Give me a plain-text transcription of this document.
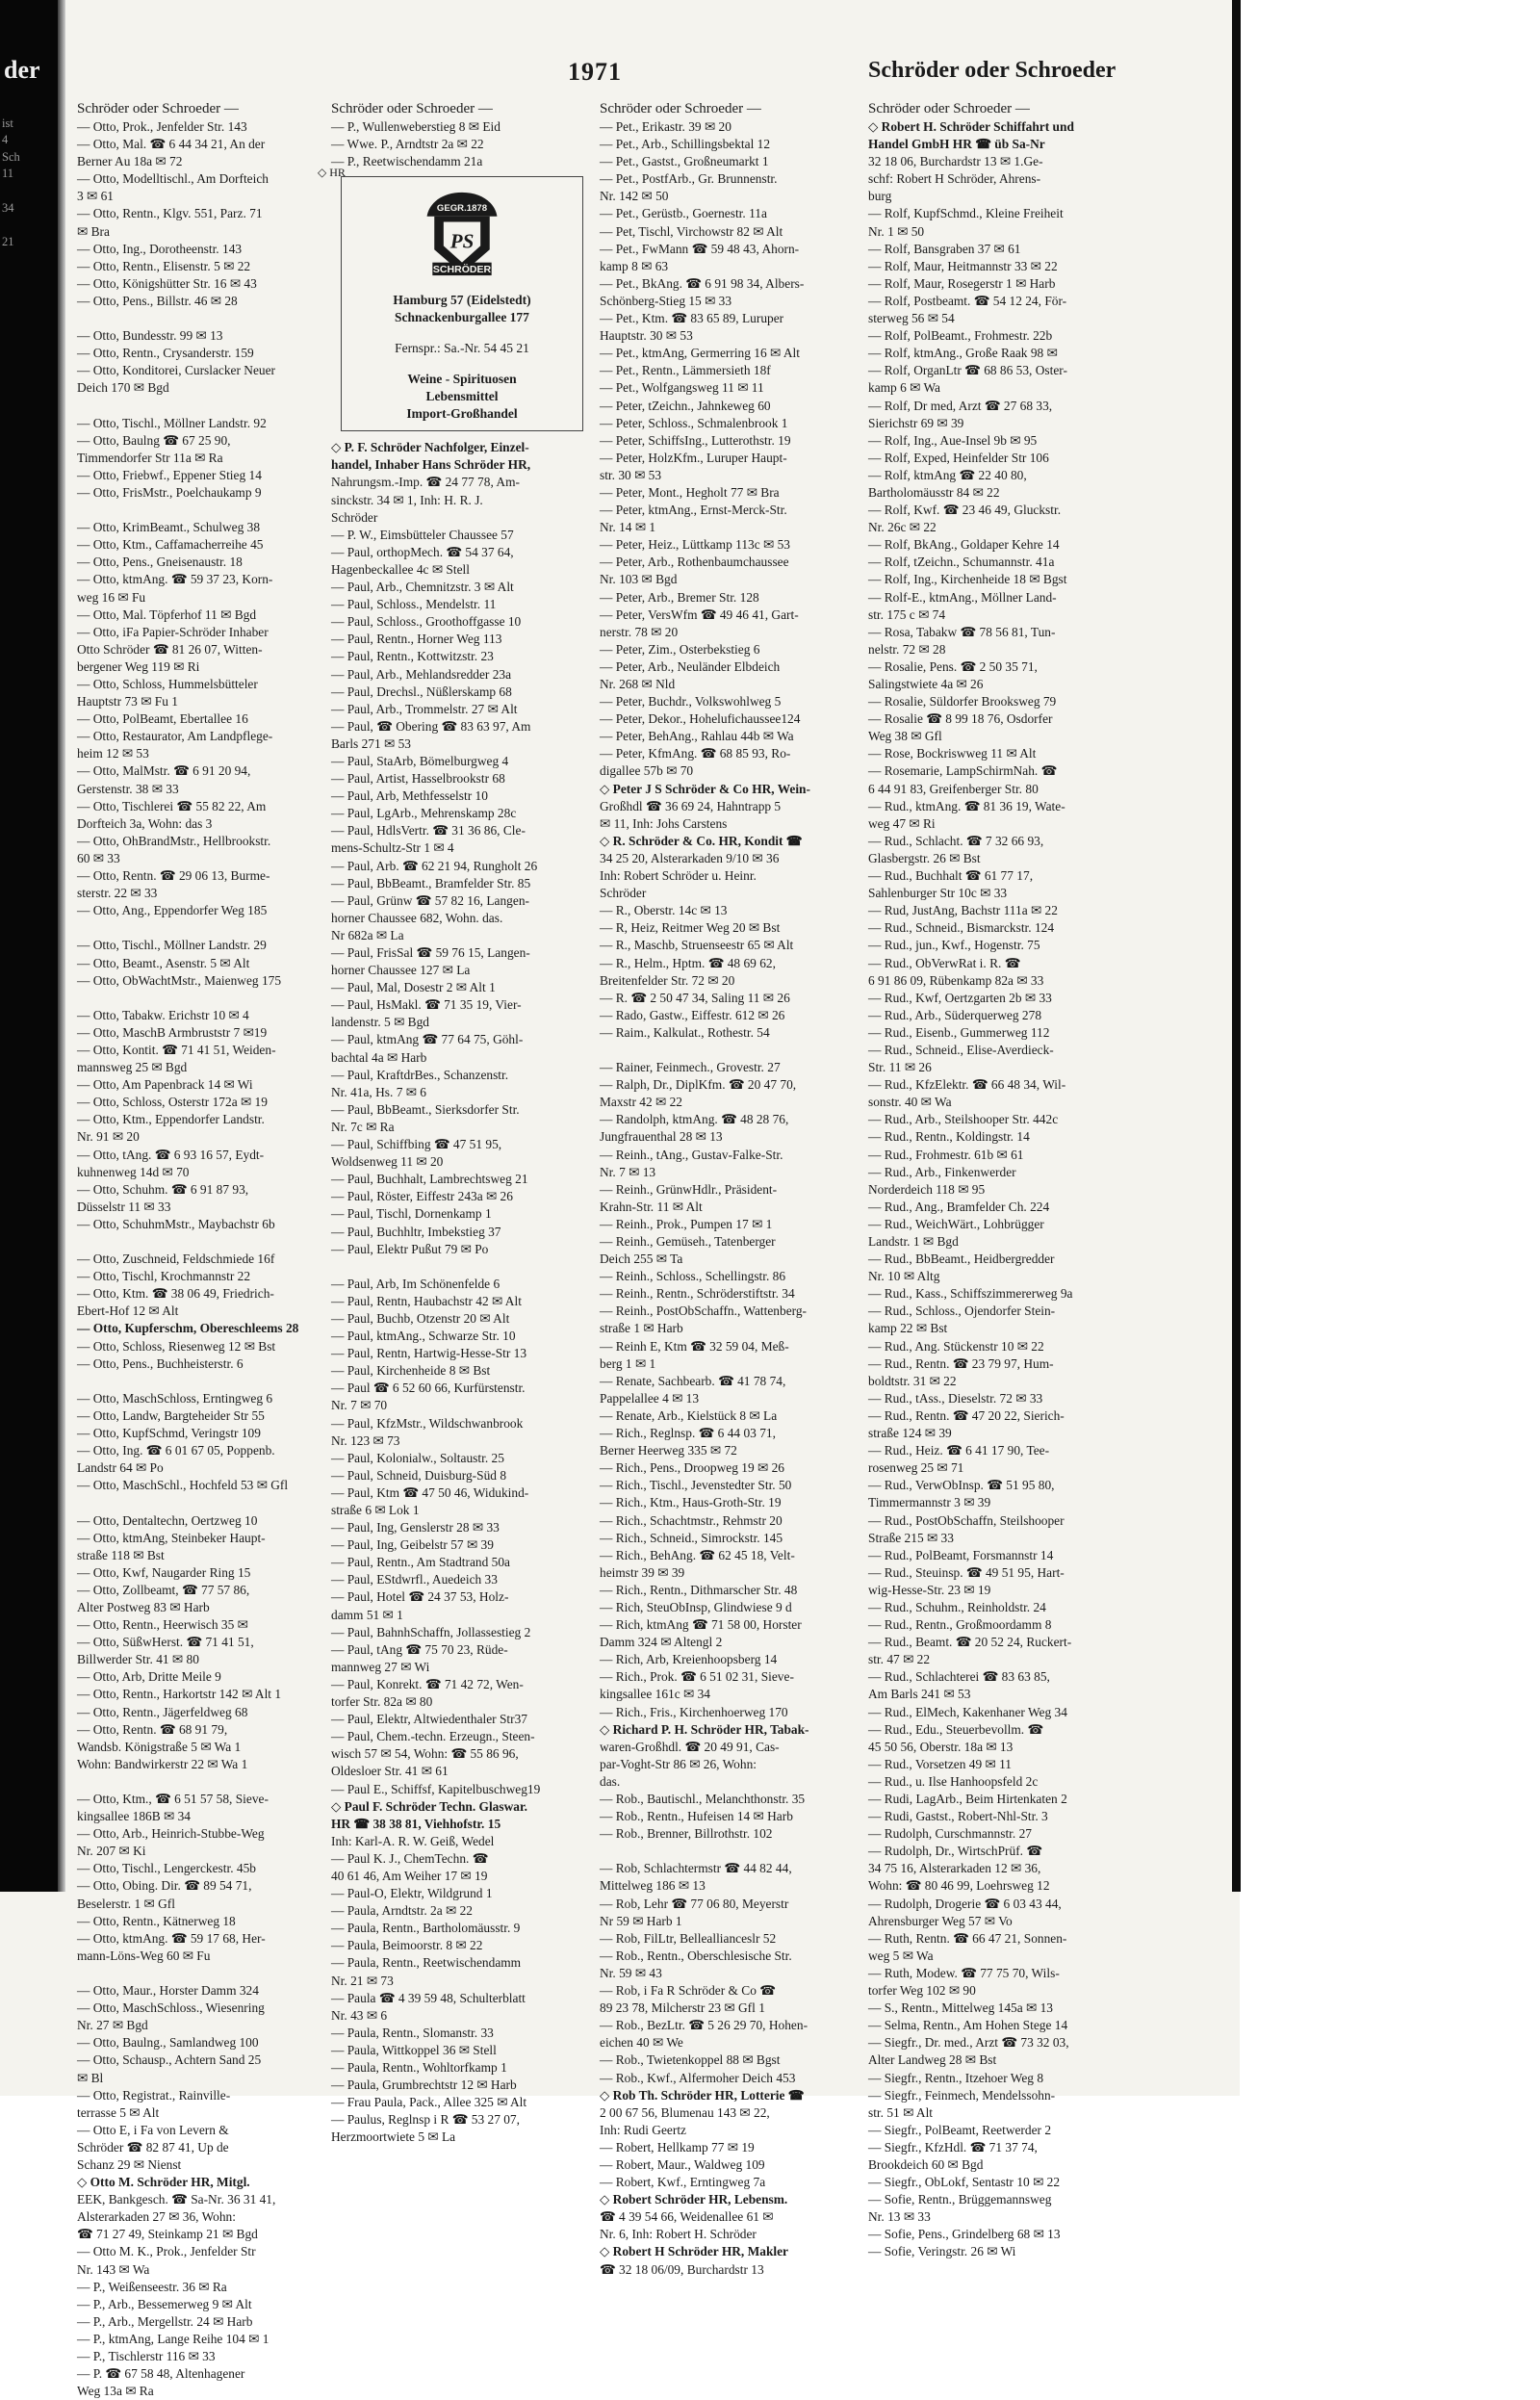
der

ist
4
Sch
11

34

21

1971	Schröder oder Schroeder
Schröder oder Schroeder —
— Otto, Prok., Jenfelder Str. 143
— Otto, Mal. ☎ 6 44 34 21, An der
Berner Au 18a ✉ 72
— Otto, Modelltischl., Am Dorfteich
3 ✉ 61
— Otto, Rentn., Klgv. 551, Parz. 71
✉ Bra
— Otto, Ing., Dorotheenstr. 143
— Otto, Rentn., Elisenstr. 5 ✉ 22
— Otto, Königshütter Str. 16 ✉ 43
— Otto, Pens., Billstr. 46 ✉ 28

— Otto, Bundesstr. 99 ✉ 13
— Otto, Rentn., Crysanderstr. 159
— Otto, Konditorei, Curslacker Neuer
Deich 170 ✉ Bgd

— Otto, Tischl., Möllner Landstr. 92
— Otto, Baulng ☎ 67 25 90,
Timmendorfer Str 11a ✉ Ra
— Otto, Friebwf., Eppener Stieg 14
— Otto, FrisMstr., Poelchaukamp 9

— Otto, KrimBeamt., Schulweg 38
— Otto, Ktm., Caffamacherreihe 45
— Otto, Pens., Gneisenaustr. 18
— Otto, ktmAng. ☎ 59 37 23, Korn-
weg 16 ✉ Fu
— Otto, Mal. Töpferhof 11 ✉ Bgd
— Otto, iFa Papier-Schröder Inhaber
Otto Schröder ☎ 81 26 07, Witten-
bergener Weg 119 ✉ Ri
— Otto, Schloss, Hummelsbütteler
Hauptstr 73 ✉ Fu 1
— Otto, PolBeamt, Ebertallee 16
— Otto, Restaurator, Am Landpflege-
heim 12 ✉ 53
— Otto, MalMstr. ☎ 6 91 20 94,
Gerstenstr. 38 ✉ 33
— Otto, Tischlerei ☎ 55 82 22, Am
Dorfteich 3a, Wohn: das 3
— Otto, OhBrandMstr., Hellbrookstr.
60 ✉ 33
— Otto, Rentn. ☎ 29 06 13, Burme-
sterstr. 22 ✉ 33
— Otto, Ang., Eppendorfer Weg 185

— Otto, Tischl., Möllner Landstr. 29
— Otto, Beamt., Asenstr. 5 ✉ Alt
— Otto, ObWachtMstr., Maienweg 175

— Otto, Tabakw. Erichstr 10 ✉ 4
— Otto, MaschB Armbruststr 7 ✉19
— Otto, Kontit. ☎ 71 41 51, Weiden-
mannsweg 25 ✉ Bgd
— Otto, Am Papenbrack 14 ✉ Wi
— Otto, Schloss, Osterstr 172a ✉ 19
— Otto, Ktm., Eppendorfer Landstr.
Nr. 91 ✉ 20
— Otto, tAng. ☎ 6 93 16 57, Eydt-
kuhnenweg 14d ✉ 70
— Otto, Schuhm. ☎ 6 91 87 93,
Düsselstr 11 ✉ 33
— Otto, SchuhmMstr., Maybachstr 6b

— Otto, Zuschneid, Feldschmiede 16f
— Otto, Tischl, Krochmannstr 22
— Otto, Ktm. ☎ 38 06 49, Friedrich-
Ebert-Hof 12 ✉ Alt
— Otto, Kupferschm, Obereschleems 28
— Otto, Schloss, Riesenweg 12 ✉ Bst
— Otto, Pens., Buchheisterstr. 6

— Otto, MaschSchloss, Erntingweg 6
— Otto, Landw, Bargteheider Str 55
— Otto, KupfSchmd, Veringstr 109
— Otto, Ing. ☎ 6 01 67 05, Poppenb.
Landstr 64 ✉ Po
— Otto, MaschSchl., Hochfeld 53 ✉ Gfl

— Otto, Dentaltechn, Oertzweg 10
— Otto, ktmAng, Steinbeker Haupt-
straße 118 ✉ Bst
— Otto, Kwf, Naugarder Ring 15
— Otto, Zollbeamt, ☎ 77 57 86,
Alter Postweg 83 ✉ Harb
— Otto, Rentn., Heerwisch 35 ✉
— Otto, SüßwHerst. ☎ 71 41 51,
Billwerder Str. 41 ✉ 80
— Otto, Arb, Dritte Meile 9
— Otto, Rentn., Harkortstr 142 ✉ Alt 1
— Otto, Rentn., Jägerfeldweg 68
— Otto, Rentn. ☎ 68 91 79,
Wandsb. Königstraße 5 ✉ Wa 1
Wohn: Bandwirkerstr 22 ✉ Wa 1

— Otto, Ktm., ☎ 6 51 57 58, Sieve-
kingsallee 186B ✉ 34
— Otto, Arb., Heinrich-Stubbe-Weg
Nr. 207 ✉ Ki
— Otto, Tischl., Lengerckestr. 45b
— Otto, Obing. Dir. ☎ 89 54 71,
Beselerstr. 1 ✉ Gfl
— Otto, Rentn., Kätnerweg 18
— Otto, ktmAng. ☎ 59 17 68, Her-
mann-Löns-Weg 60 ✉ Fu

— Otto, Maur., Horster Damm 324
— Otto, MaschSchloss., Wiesenring
Nr. 27 ✉ Bgd
— Otto, Baulng., Samlandweg 100
— Otto, Schausp., Achtern Sand 25
✉ Bl
— Otto, Registrat., Rainville-
terrasse 5 ✉ Alt
— Otto E, i Fa von Levern &
Schröder ☎ 82 87 41, Up de
Schanz 29 ✉ Nienst
◇ Otto M. Schröder HR, Mitgl.
EEK, Bankgesch. ☎ Sa-Nr. 36 31 41,
Alsterarkaden 27 ✉ 36, Wohn:
☎ 71 27 49, Steinkamp 21 ✉ Bgd
— Otto M. K., Prok., Jenfelder Str
Nr. 143 ✉ Wa
— P., Weißenseestr. 36 ✉ Ra
— P., Arb., Bessemerweg 9 ✉ Alt
— P., Arb., Mergellstr. 24 ✉ Harb
— P., ktmAng, Lange Reihe 104 ✉ 1
— P., Tischlerstr 116 ✉ 33
— P. ☎ 67 58 48, Altenhagener
Weg 13a ✉ Ra
Schröder oder Schroeder —
— P., Wullenweberstieg 8 ✉ Eid
— Wwe. P., Arndtstr 2a ✉ 22
— P., Reetwischendamm 21a
GEGR.1878
PS
SCHRÖDER
Hamburg 57 (Eidelstedt)
Schnackenburgallee 177
Fernspr.: Sa.-Nr. 54 45 21
Weine - Spirituosen
Lebensmittel
Import-Großhandel
◇ P. F. Schröder Nachfolger, Einzel-
handel, Inhaber Hans Schröder HR,
Nahrungsm.-Imp. ☎ 24 77 78, Am-
sinckstr. 34 ✉ 1, Inh: H. R. J.
Schröder
— P. W., Eimsbütteler Chaussee 57
— Paul, orthopMech. ☎ 54 37 64,
Hagenbeckallee 4c ✉ Stell
— Paul, Arb., Chemnitzstr. 3 ✉ Alt
— Paul, Schloss., Mendelstr. 11
— Paul, Schloss., Groothoffgasse 10
— Paul, Rentn., Horner Weg 113
— Paul, Rentn., Kottwitzstr. 23
— Paul, Arb., Mehlandsredder 23a
— Paul, Drechsl., Nüßlerskamp 68
— Paul, Arb., Trommelstr. 27 ✉ Alt
— Paul, ☎ Obering ☎ 83 63 97, Am
Barls 271 ✉ 53
— Paul, StaArb, Bömelburgweg 4
— Paul, Artist, Hasselbrookstr 68
— Paul, Arb, Methfesselstr 10
— Paul, LgArb., Mehrenskamp 28c
— Paul, HdlsVertr. ☎ 31 36 86, Cle-
mens-Schultz-Str 1 ✉ 4
— Paul, Arb. ☎ 62 21 94, Rungholt 26
— Paul, BbBeamt., Bramfelder Str. 85
— Paul, Grünw ☎ 57 82 16, Langen-
horner Chaussee 682, Wohn. das.
Nr 682a ✉ La
— Paul, FrisSal ☎ 59 76 15, Langen-
horner Chaussee 127 ✉ La
— Paul, Mal, Dosestr 2 ✉ Alt 1
— Paul, HsMakl. ☎ 71 35 19, Vier-
landenstr. 5 ✉ Bgd
— Paul, ktmAng ☎ 77 64 75, Göhl-
bachtal 4a ✉ Harb
— Paul, KraftdrBes., Schanzenstr.
Nr. 41a, Hs. 7 ✉ 6
— Paul, BbBeamt., Sierksdorfer Str.
Nr. 7c ✉ Ra
— Paul, Schiffbing ☎ 47 51 95,
Woldsenweg 11 ✉ 20
— Paul, Buchhalt, Lambrechtsweg 21
— Paul, Röster, Eiffestr 243a ✉ 26
— Paul, Tischl, Dornenkamp 1
— Paul, Buchhltr, Imbekstieg 37
— Paul, Elektr Pußut 79 ✉ Po

— Paul, Arb, Im Schönenfelde 6
— Paul, Rentn, Haubachstr 42 ✉ Alt
— Paul, Buchb, Otzenstr 20 ✉ Alt
— Paul, ktmAng., Schwarze Str. 10
— Paul, Rentn, Hartwig-Hesse-Str 13
— Paul, Kirchenheide 8 ✉ Bst
— Paul ☎ 6 52 60 66, Kurfürstenstr.
Nr. 7 ✉ 70
— Paul, KfzMstr., Wildschwanbrook
Nr. 123 ✉ 73
— Paul, Kolonialw., Soltaustr. 25
— Paul, Schneid, Duisburg-Süd 8
— Paul, Ktm ☎ 47 50 46, Widukind-
straße 6 ✉ Lok 1
— Paul, Ing, Genslerstr 28 ✉ 33
— Paul, Ing, Geibelstr 57 ✉ 39
— Paul, Rentn., Am Stadtrand 50a
— Paul, EStdwrfl., Auedeich 33
— Paul, Hotel ☎ 24 37 53, Holz-
damm 51 ✉ 1
— Paul, BahnhSchaffn, Jollassestieg 2
— Paul, tAng ☎ 75 70 23, Rüde-
mannweg 27 ✉ Wi
— Paul, Konrekt. ☎ 71 42 72, Wen-
torfer Str. 82a ✉ 80
— Paul, Elektr, Altwiedenthaler Str37
— Paul, Chem.-techn. Erzeugn., Steen-
wisch 57 ✉ 54, Wohn: ☎ 55 86 96,
Oldesloer Str. 41 ✉ 61
— Paul E., Schiffsf, Kapitelbuschweg19
◇ Paul F. Schröder Techn. Glaswar.
HR ☎ 38 38 81, Viehhofstr. 15
Inh: Karl-A. R. W. Geiß, Wedel
— Paul K. J., ChemTechn. ☎
40 61 46, Am Weiher 17 ✉ 19
— Paul-O, Elektr, Wildgrund 1
— Paula, Arndtstr. 2a ✉ 22
— Paula, Rentn., Bartholomäusstr. 9
— Paula, Beimoorstr. 8 ✉ 22
— Paula, Rentn., Reetwischendamm
Nr. 21 ✉ 73
— Paula ☎ 4 39 59 48, Schulterblatt
Nr. 43 ✉ 6
— Paula, Rentn., Slomanstr. 33
— Paula, Wittkoppel 36 ✉ Stell
— Paula, Rentn., Wohltorfkamp 1
— Paula, Grumbrechtstr 12 ✉ Harb
— Frau Paula, Pack., Allee 325 ✉ Alt
— Paulus, Reglnsp i R ☎ 53 27 07,
Herzmoortwiete 5 ✉ La
◇ HR
Schröder oder Schroeder —
— Pet., Erikastr. 39 ✉ 20
— Pet., Arb., Schillingsbektal 12
— Pet., Gastst., Großneumarkt 1
— Pet., PostfArb., Gr. Brunnenstr.
Nr. 142 ✉ 50
— Pet., Gerüstb., Goernestr. 11a
— Pet, Tischl, Virchowstr 82 ✉ Alt
— Pet., FwMann ☎ 59 48 43, Ahorn-
kamp 8 ✉ 63
— Pet., BkAng. ☎ 6 91 98 34, Albers-
Schönberg-Stieg 15 ✉ 33
— Pet., Ktm. ☎ 83 65 89, Luruper
Hauptstr. 30 ✉ 53
— Pet., ktmAng, Germerring 16 ✉ Alt
— Pet., Rentn., Lämmersieth 18f
— Pet., Wolfgangsweg 11 ✉ 11
— Peter, tZeichn., Jahnkeweg 60
— Peter, Schloss., Schmalenbrook 1
— Peter, SchiffsIng., Lutterothstr. 19
— Peter, HolzKfm., Luruper Haupt-
str. 30 ✉ 53
— Peter, Mont., Hegholt 77 ✉ Bra
— Peter, ktmAng., Ernst-Merck-Str.
Nr. 14 ✉ 1
— Peter, Heiz., Lüttkamp 113c ✉ 53
— Peter, Arb., Rothenbaumchaussee
Nr. 103 ✉ Bgd
— Peter, Arb., Bremer Str. 128
— Peter, VersWfm ☎ 49 46 41, Gart-
nerstr. 78 ✉ 20
— Peter, Zim., Osterbekstieg 6
— Peter, Arb., Neuländer Elbdeich
Nr. 268 ✉ Nld
— Peter, Buchdr., Volkswohlweg 5
— Peter, Dekor., Hohelufichaussee124
— Peter, BehAng., Rahlau 44b ✉ Wa
— Peter, KfmAng. ☎ 68 85 93, Ro-
digallee 57b ✉ 70
◇ Peter J S Schröder & Co HR, Wein-
Großhdl ☎ 36 69 24, Hahntrapp 5
✉ 11, Inh: Johs Carstens
◇ R. Schröder & Co. HR, Kondit ☎
34 25 20, Alsterarkaden 9/10 ✉ 36
Inh: Robert Schröder u. Heinr.
Schröder
— R., Oberstr. 14c ✉ 13
— R, Heiz, Reitmer Weg 20 ✉ Bst
— R., Maschb, Struenseestr 65 ✉ Alt
— R., Helm., Hptm. ☎ 48 69 62,
Breitenfelder Str. 72 ✉ 20
— R. ☎ 2 50 47 34, Saling 11 ✉ 26
— Rado, Gastw., Eiffestr. 612 ✉ 26
— Raim., Kalkulat., Rothestr. 54

— Rainer, Feinmech., Grovestr. 27
— Ralph, Dr., DiplKfm. ☎ 20 47 70,
Maxstr 42 ✉ 22
— Randolph, ktmAng. ☎ 48 28 76,
Jungfrauenthal 28 ✉ 13
— Reinh., tAng., Gustav-Falke-Str.
Nr. 7 ✉ 13
— Reinh., GrünwHdlr., Präsident-
Krahn-Str. 11 ✉ Alt
— Reinh., Prok., Pumpen 17 ✉ 1
— Reinh., Gemüseh., Tatenberger
Deich 255 ✉ Ta
— Reinh., Schloss., Schellingstr. 86
— Reinh., Rentn., Schröderstiftstr. 34
— Reinh., PostObSchaffn., Wattenberg-
straße 1 ✉ Harb
— Reinh E, Ktm ☎ 32 59 04, Meß-
berg 1 ✉ 1
— Renate, Sachbearb. ☎ 41 78 74,
Pappelallee 4 ✉ 13
— Renate, Arb., Kielstück 8 ✉ La
— Rich., Reglnsp. ☎ 6 44 03 71,
Berner Heerweg 335 ✉ 72
— Rich., Pens., Droopweg 19 ✉ 26
— Rich., Tischl., Jevenstedter Str. 50
— Rich., Ktm., Haus-Groth-Str. 19
— Rich., Schachtmstr., Rehmstr 20
— Rich., Schneid., Simrockstr. 145
— Rich., BehAng. ☎ 62 45 18, Velt-
heimstr 39 ✉ 39
— Rich., Rentn., Dithmarscher Str. 48
— Rich, SteuObInsp, Glindwiese 9 d
— Rich, ktmAng ☎ 71 58 00, Horster
Damm 324 ✉ Altengl 2
— Rich, Arb, Kreienhoopsberg 14
— Rich., Prok. ☎ 6 51 02 31, Sieve-
kingsallee 161c ✉ 34
— Rich., Fris., Kirchenhoerweg 170
◇ Richard P. H. Schröder HR, Tabak-
waren-Großhdl. ☎ 20 49 91, Cas-
par-Voght-Str 86 ✉ 26, Wohn:
das.
— Rob., Bautischl., Melanchthonstr. 35
— Rob., Rentn., Hufeisen 14 ✉ Harb
— Rob., Brenner, Billrothstr. 102

— Rob, Schlachtermstr ☎ 44 82 44,
Mittelweg 186 ✉ 13
— Rob, Lehr ☎ 77 06 80, Meyerstr
Nr 59 ✉ Harb 1
— Rob, FilLtr, Belleallianceslr 52
— Rob., Rentn., Oberschlesische Str.
Nr. 59 ✉ 43
— Rob, i Fa R Schröder & Co ☎
89 23 78, Milcherstr 23 ✉ Gfl 1
— Rob., BezLtr. ☎ 5 26 29 70, Hohen-
eichen 40 ✉ We
— Rob., Twietenkoppel 88 ✉ Bgst
— Rob., Kwf., Alfermoher Deich 453
◇ Rob Th. Schröder HR, Lotterie ☎
2 00 67 56, Blumenau 143 ✉ 22,
Inh: Rudi Geertz
— Robert, Hellkamp 77 ✉ 19
— Robert, Maur., Waldweg 109
— Robert, Kwf., Erntingweg 7a
◇ Robert Schröder HR, Lebensm.
☎ 4 39 54 66, Weidenallee 61 ✉
Nr. 6, Inh: Robert H. Schröder
◇ Robert H Schröder HR, Makler
☎ 32 18 06/09, Burchardstr 13
Schröder oder Schroeder —
◇ Robert H. Schröder Schiffahrt und
Handel GmbH HR ☎ üb Sa-Nr
32 18 06, Burchardstr 13 ✉ 1.Ge-
schf: Robert H Schröder, Ahrens-
burg
— Rolf, KupfSchmd., Kleine Freiheit
Nr. 1 ✉ 50
— Rolf, Bansgraben 37 ✉ 61
— Rolf, Maur, Heitmannstr 33 ✉ 22
— Rolf, Maur, Rosegerstr 1 ✉ Harb
— Rolf, Postbeamt. ☎ 54 12 24, För-
sterweg 56 ✉ 54
— Rolf, PolBeamt., Frohmestr. 22b
— Rolf, ktmAng., Große Raak 98 ✉
— Rolf, OrganLtr ☎ 68 86 53, Oster-
kamp 6 ✉ Wa
— Rolf, Dr med, Arzt ☎ 27 68 33,
Sierichstr 69 ✉ 39
— Rolf, Ing., Aue-Insel 9b ✉ 95
— Rolf, Exped, Heinfelder Str 106
— Rolf, ktmAng ☎ 22 40 80,
Bartholomäusstr 84 ✉ 22
— Rolf, Kwf. ☎ 23 46 49, Gluckstr.
Nr. 26c ✉ 22
— Rolf, BkAng., Goldaper Kehre 14
— Rolf, tZeichn., Schumannstr. 41a
— Rolf, Ing., Kirchenheide 18 ✉ Bgst
— Rolf-E., ktmAng., Möllner Land-
str. 175 c ✉ 74
— Rosa, Tabakw ☎ 78 56 81, Tun-
nelstr. 72 ✉ 28
— Rosalie, Pens. ☎ 2 50 35 71,
Salingstwiete 4a ✉ 26
— Rosalie, Süldorfer Brooksweg 79
— Rosalie ☎ 8 99 18 76, Osdorfer
Weg 38 ✉ Gfl
— Rose, Bockriswweg 11 ✉ Alt
— Rosemarie, LampSchirmNah. ☎
6 44 91 83, Greifenberger Str. 80
— Rud., ktmAng. ☎ 81 36 19, Wate-
weg 47 ✉ Ri
— Rud., Schlacht. ☎ 7 32 66 93,
Glasbergstr. 26 ✉ Bst
— Rud., Buchhalt ☎ 61 77 17,
Sahlenburger Str 10c ✉ 33
— Rud, JustAng, Bachstr 111a ✉ 22
— Rud., Schneid., Bismarckstr. 124
— Rud., jun., Kwf., Hogenstr. 75
— Rud., ObVerwRat i. R. ☎
6 91 86 09, Rübenkamp 82a ✉ 33
— Rud., Kwf, Oertzgarten 2b ✉ 33
— Rud., Arb., Süderquerweg 278
— Rud., Eisenb., Gummerweg 112
— Rud., Schneid., Elise-Averdieck-
Str. 11 ✉ 26
— Rud., KfzElektr. ☎ 66 48 34, Wil-
sonstr. 40 ✉ Wa
— Rud., Arb., Steilshooper Str. 442c
— Rud., Rentn., Koldingstr. 14
— Rud., Frohmestr. 61b ✉ 61
— Rud., Arb., Finkenwerder
Norderdeich 118 ✉ 95
— Rud., Ang., Bramfelder Ch. 224
— Rud., WeichWärt., Lohbrügger
Landstr. 1 ✉ Bgd
— Rud., BbBeamt., Heidbergredder
Nr. 10 ✉ Altg
— Rud., Kass., Schiffszimmererweg 9a
— Rud., Schloss., Ojendorfer Stein-
kamp 22 ✉ Bst
— Rud., Ang. Stückenstr 10 ✉ 22
— Rud., Rentn. ☎ 23 79 97, Hum-
boldtstr. 31 ✉ 22
— Rud., tAss., Dieselstr. 72 ✉ 33
— Rud., Rentn. ☎ 47 20 22, Sierich-
straße 124 ✉ 39
— Rud., Heiz. ☎ 6 41 17 90, Tee-
rosenweg 25 ✉ 71
— Rud., VerwObInsp. ☎ 51 95 80,
Timmermannstr 3 ✉ 39
— Rud., PostObSchaffn, Steilshooper
Straße 215 ✉ 33
— Rud., PolBeamt, Forsmannstr 14
— Rud., Steuinsp. ☎ 49 51 95, Hart-
wig-Hesse-Str. 23 ✉ 19
— Rud., Schuhm., Reinholdstr. 24
— Rud., Rentn., Großmoordamm 8
— Rud., Beamt. ☎ 20 52 24, Ruckert-
str. 47 ✉ 22
— Rud., Schlachterei ☎ 83 63 85,
Am Barls 241 ✉ 53
— Rud., ElMech, Kakenhaner Weg 34
— Rud., Edu., Steuerbevollm. ☎
45 50 56, Oberstr. 18a ✉ 13
— Rud., Vorsetzen 49 ✉ 11
— Rud., u. Ilse Hanhoopsfeld 2c
— Rudi, LagArb., Beim Hirtenkaten 2
— Rudi, Gastst., Robert-Nhl-Str. 3
— Rudolph, Curschmannstr. 27
— Rudolph, Dr., WirtschPrüf. ☎
34 75 16, Alsterarkaden 12 ✉ 36,
Wohn: ☎ 80 46 99, Loehrsweg 12
— Rudolph, Drogerie ☎ 6 03 43 44,
Ahrensburger Weg 57 ✉ Vo
— Ruth, Rentn. ☎ 66 47 21, Sonnen-
weg 5 ✉ Wa
— Ruth, Modew. ☎ 77 75 70, Wils-
torfer Weg 102 ✉ 90
— S., Rentn., Mittelweg 145a ✉ 13
— Selma, Rentn., Am Hohen Stege 14
— Siegfr., Dr. med., Arzt ☎ 73 32 03,
Alter Landweg 28 ✉ Bst
— Siegfr., Rentn., Itzehoer Weg 8
— Siegfr., Feinmech, Mendelssohn-
str. 51 ✉ Alt
— Siegfr., PolBeamt, Reetwerder 2
— Siegfr., KfzHdl. ☎ 71 37 74,
Brookdeich 60 ✉ Bgd
— Siegfr., ObLokf, Sentastr 10 ✉ 22
— Sofie, Rentn., Brüggemannsweg
Nr. 13 ✉ 33
— Sofie, Pens., Grindelberg 68 ✉ 13
— Sofie, Veringstr. 26 ✉ Wi
